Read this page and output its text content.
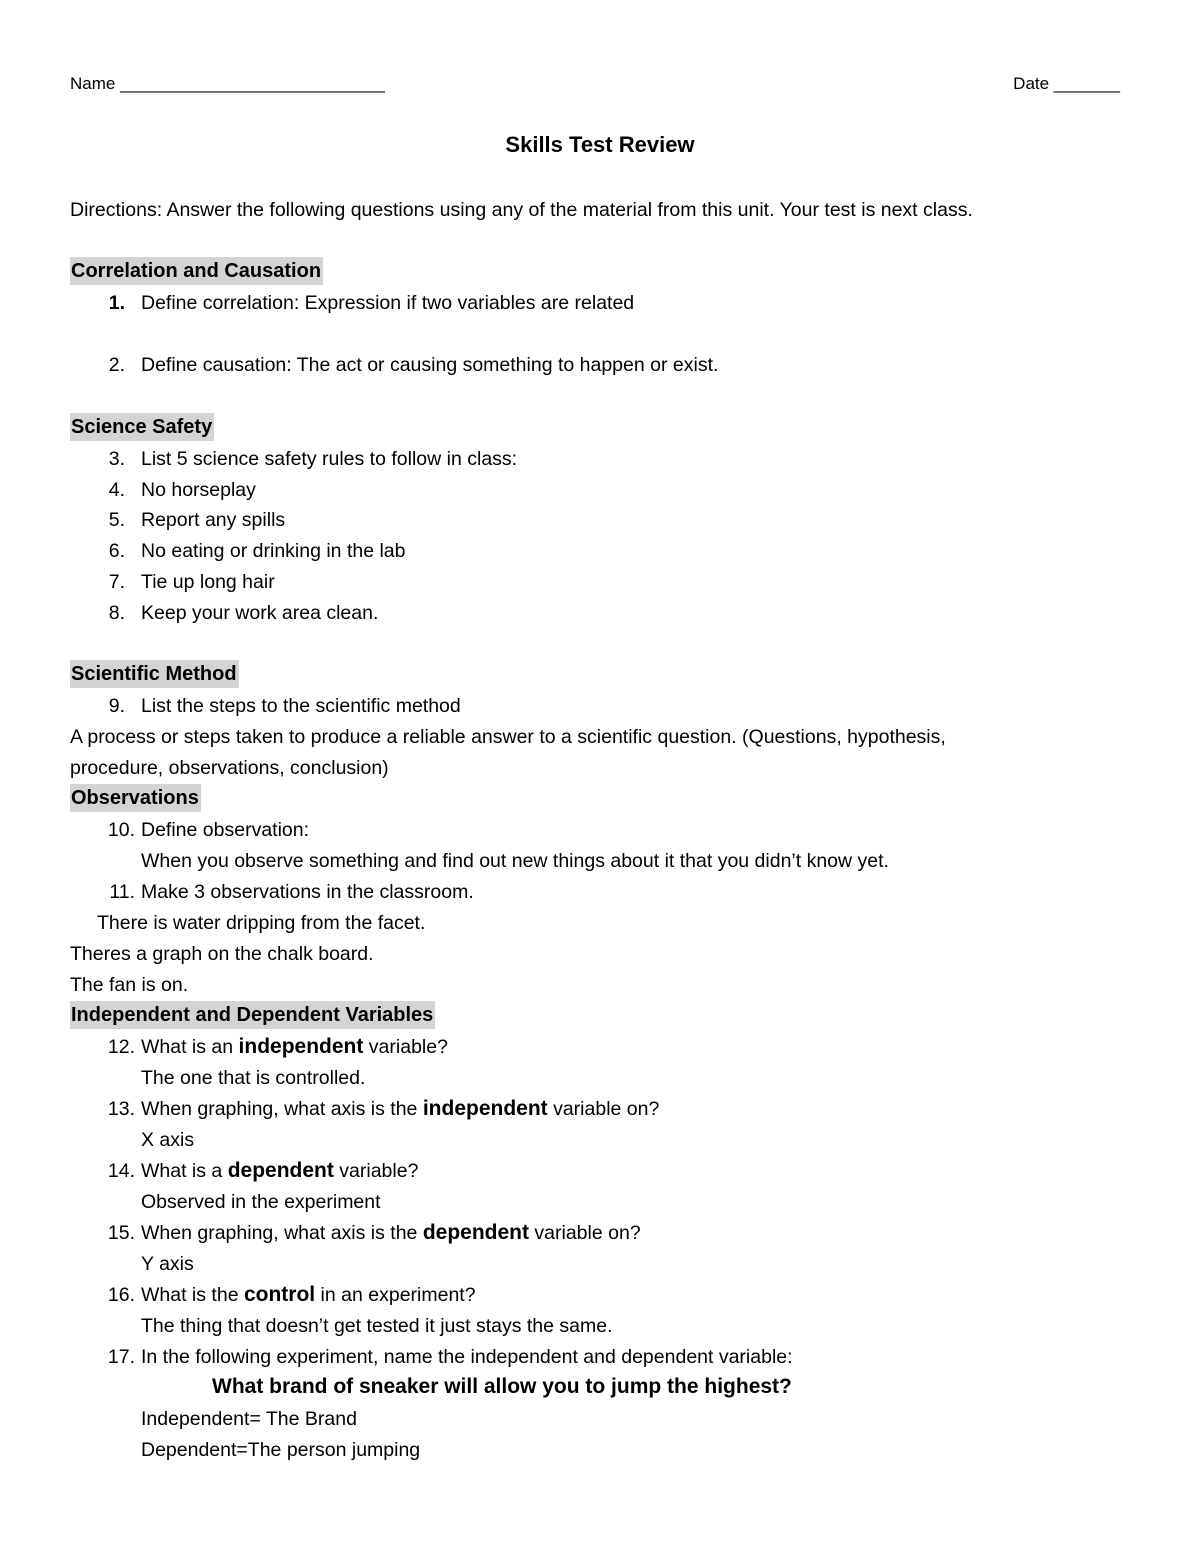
Name ____________________________	Date _______
Skills Test Review
Directions: Answer the following questions using any of the material from this unit. Your test is next class.
Correlation and Causation
1. Define correlation: Expression if two variables are related
2. Define causation: The act or causing something to happen or exist.
Science Safety
3. List 5 science safety rules to follow in class:
4. No horseplay
5. Report any spills
6. No eating or drinking in the lab
7. Tie up long hair
8. Keep your work area clean.
Scientific Method
9. List the steps to the scientific method
A process or steps taken to produce a reliable answer to a scientific question. (Questions, hypothesis,
procedure, observations, conclusion)
Observations
10. Define observation:
When you observe something and find out new things about it that you didn’t know yet.
11. Make 3 observations in the classroom.
There is water dripping from the facet.
Theres a graph on the chalk board.
The fan is on.
Independent and Dependent Variables
12. What is an independent variable?
The one that is controlled.
13. When graphing, what axis is the independent variable on?
X axis
14. What is a dependent variable?
Observed in the experiment
15. When graphing, what axis is the dependent variable on?
Y axis
16. What is the control in an experiment?
The thing that doesn’t get tested it just stays the same.
17. In the following experiment, name the independent and dependent variable:
What brand of sneaker will allow you to jump the highest?
Independent= The Brand
Dependent=The person jumping
